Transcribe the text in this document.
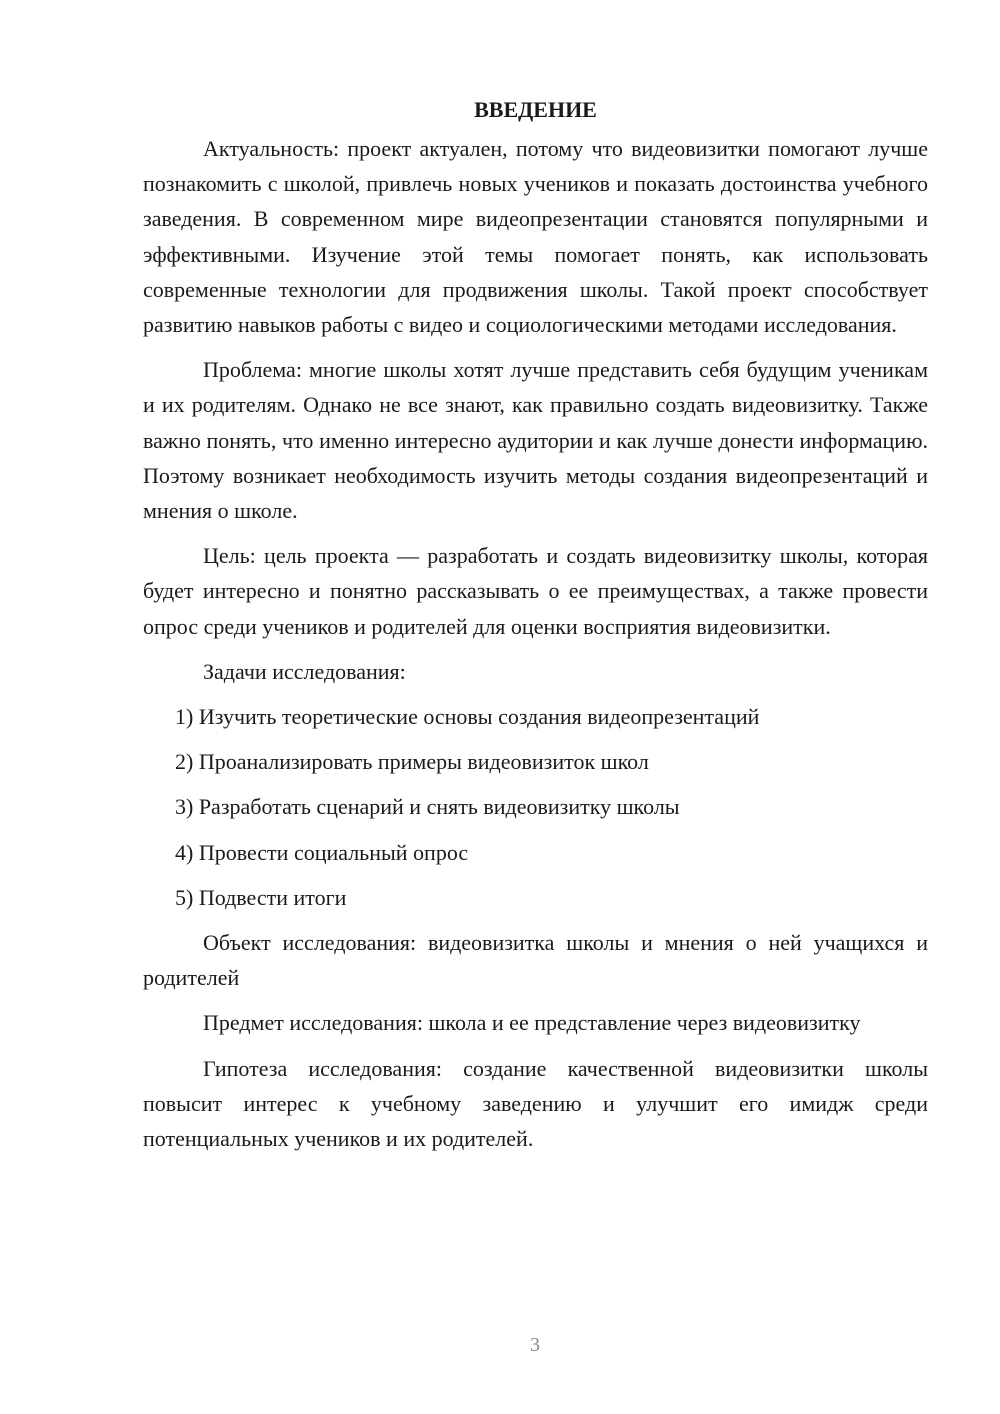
ВВЕДЕНИЕ

Актуальность: проект актуален, потому что видеовизитки помогают лучше познакомить с школой, привлечь новых учеников и показать достоинства учебного заведения. В современном мире видеопрезентации становятся популярными и эффективными. Изучение этой темы помогает понять, как использовать современные технологии для продвижения школы. Такой проект способствует развитию навыков работы с видео и социологическими методами исследования.

Проблема: многие школы хотят лучше представить себя будущим ученикам и их родителям. Однако не все знают, как правильно создать видеовизитку. Также важно понять, что именно интересно аудитории и как лучше донести информацию. Поэтому возникает необходимость изучить методы создания видеопрезентаций и мнения о школе.

Цель: цель проекта — разработать и создать видеовизитку школы, которая будет интересно и понятно рассказывать о ее преимуществах, а также провести опрос среди учеников и родителей для оценки восприятия видеовизитки.

Задачи исследования:

1) Изучить теоретические основы создания видеопрезентаций
2) Проанализировать примеры видеовизиток школ
3) Разработать сценарий и снять видеовизитку школы
4) Провести социальный опрос
5) Подвести итоги

Объект исследования: видеовизитка школы и мнения о ней учащихся и родителей

Предмет исследования: школа и ее представление через видеовизитку

Гипотеза исследования: создание качественной видеовизитки школы повысит интерес к учебному заведению и улучшит его имидж среди потенциальных учеников и их родителей.

3
